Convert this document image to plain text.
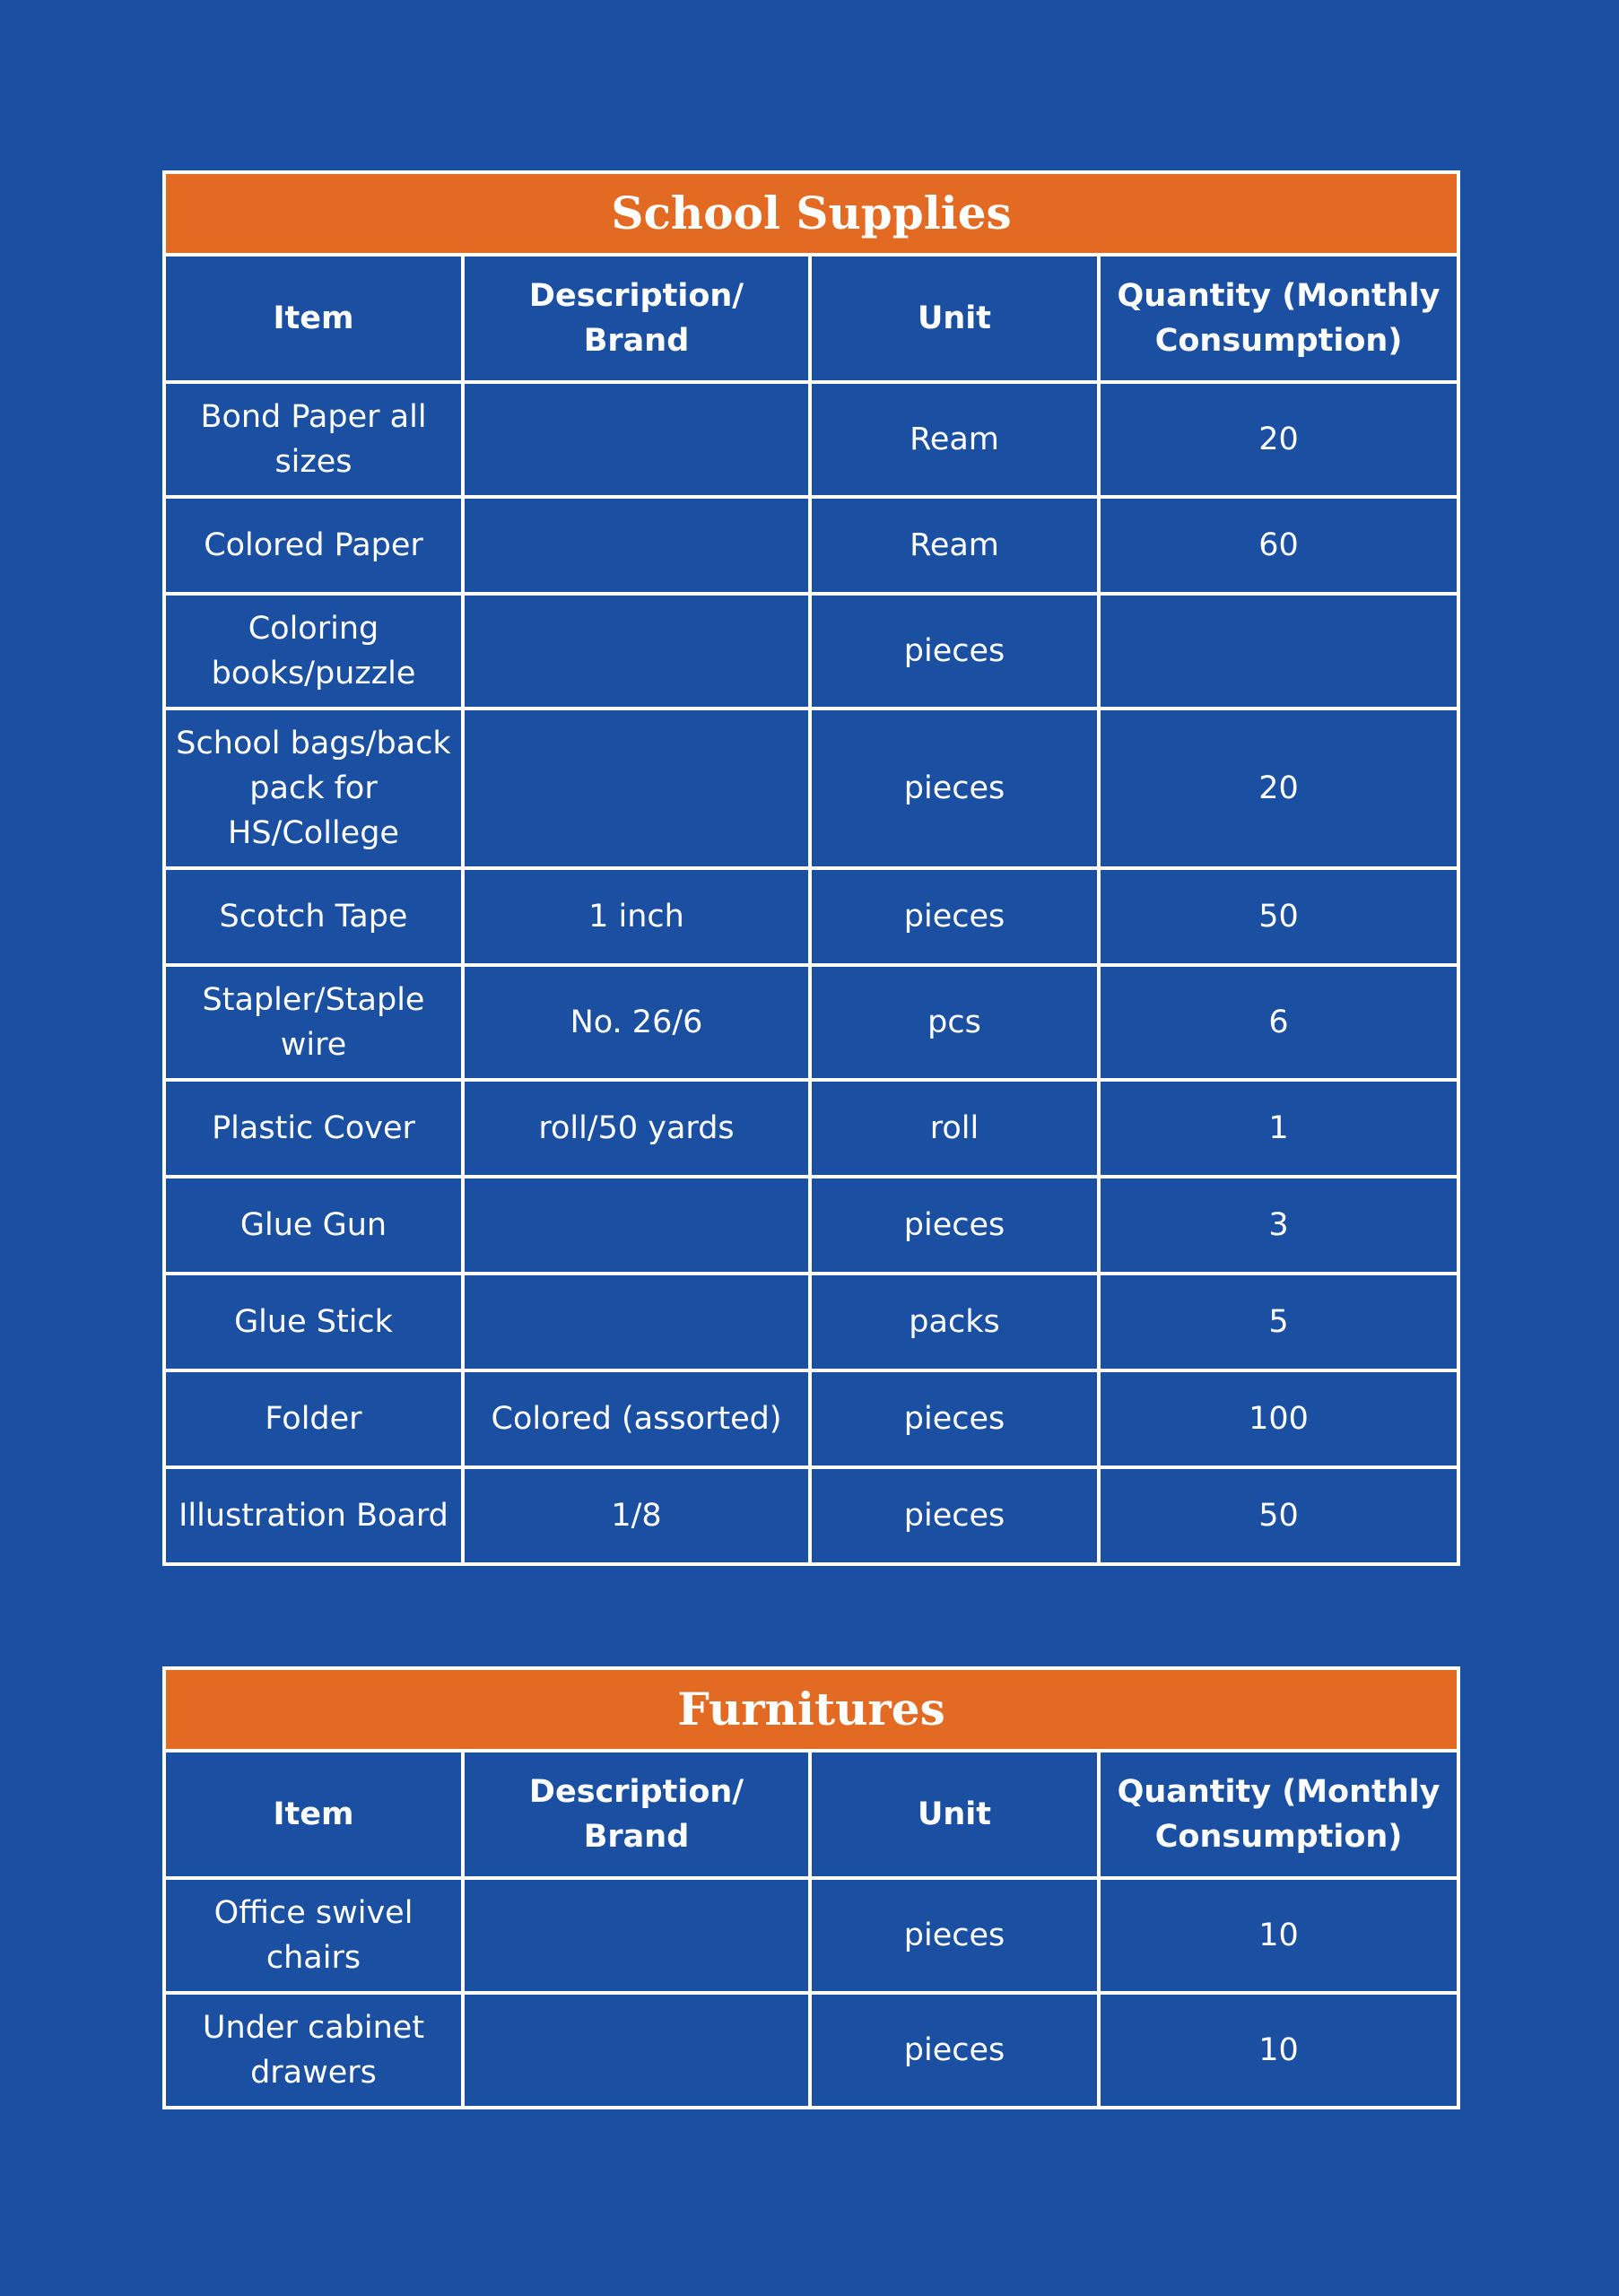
School Supplies			
Item	Description/ Brand	Unit	Quantity (Monthly Consumption)
Bond Paper all sizes		Ream	20
Colored Paper		Ream	60
Coloring books/puzzle		pieces	
School bags/back pack for HS/College		pieces	20
Scotch Tape	1 inch	pieces	50
Stapler/Staple wire	No. 26/6	pcs	6
Plastic Cover	roll/50 yards	roll	1
Glue Gun		pieces	3
Glue Stick		packs	5
Folder	Colored (assorted)	pieces	100
Illustration Board	1/8	pieces	50
Furnitures			
Item	Description/ Brand	Unit	Quantity (Monthly Consumption)
Office swivel chairs		pieces	10
Under cabinet drawers		pieces	10
